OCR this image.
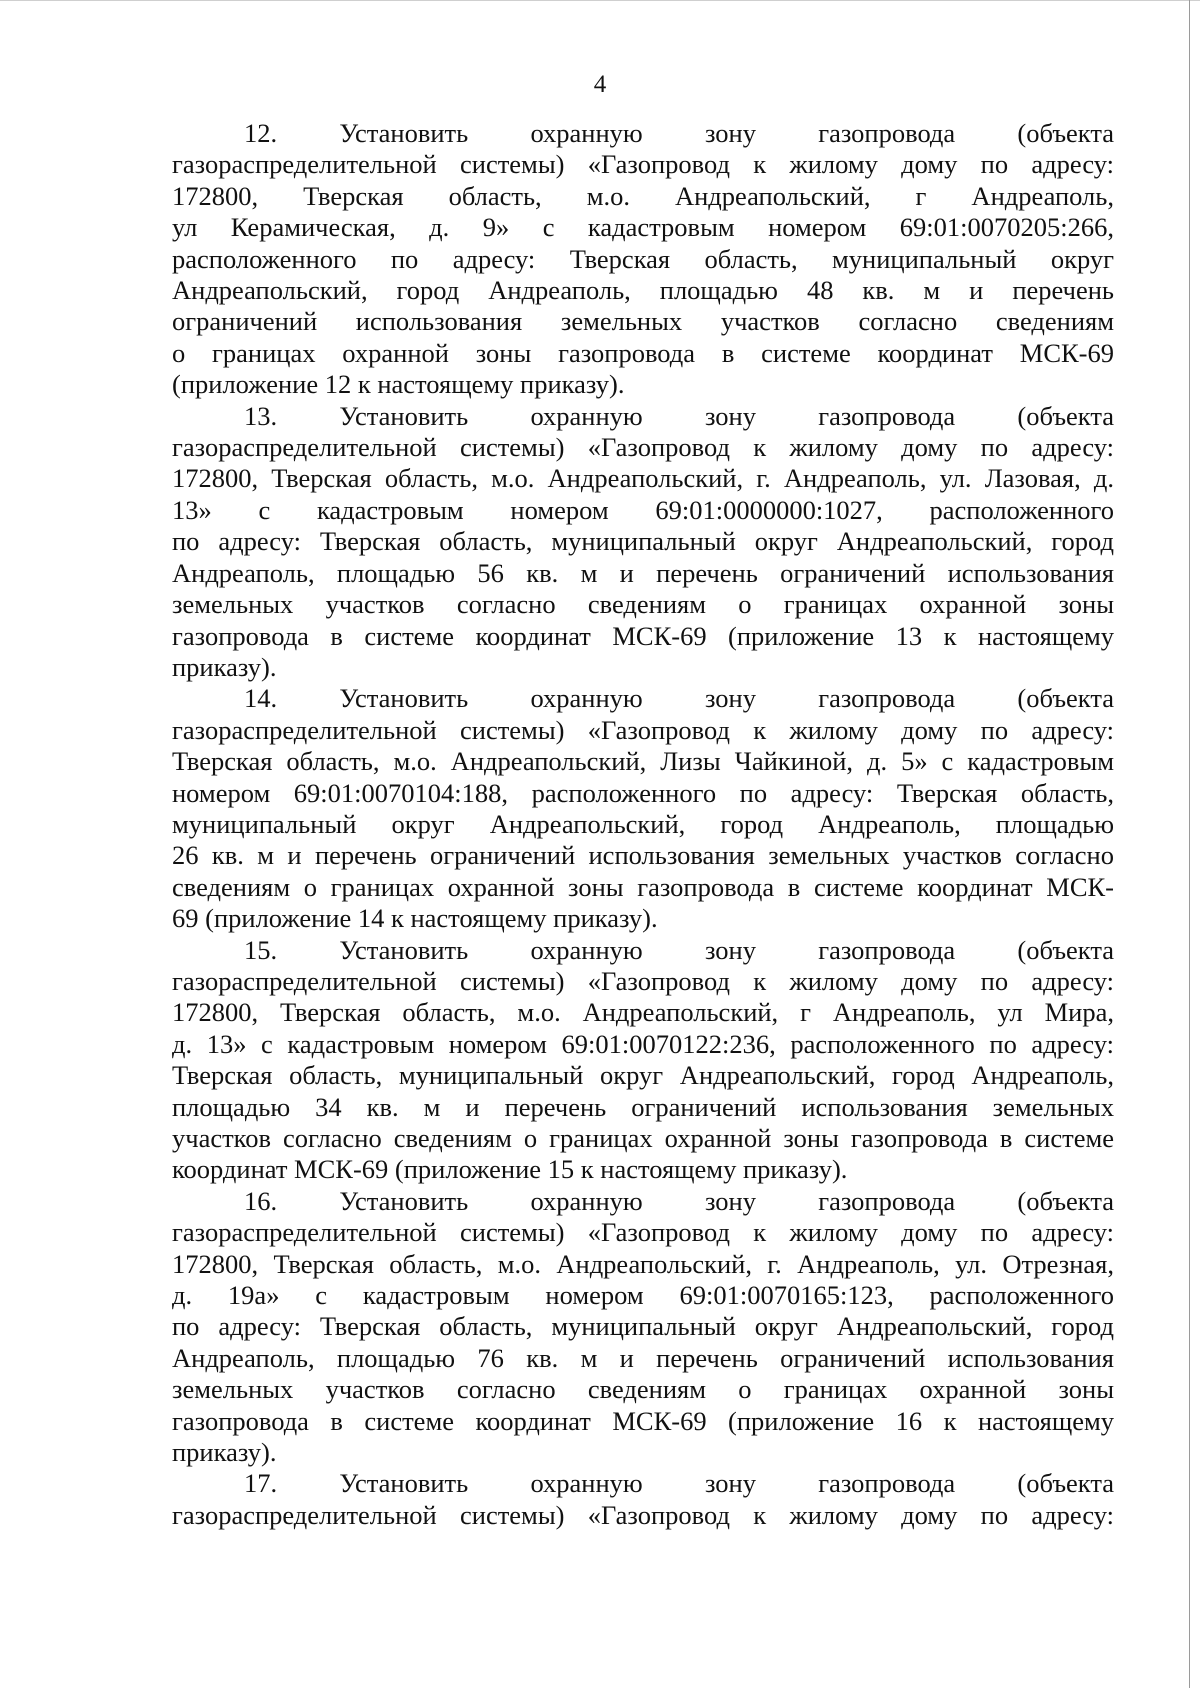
4

12. Установить охранную зону газопровода (объекта
газораспределительной системы) «Газопровод к жилому дому по адресу:
172800, Тверская область, м.о. Андреапольский, г Андреаполь,
ул Керамическая, д. 9» с кадастровым номером 69:01:0070205:266,
расположенного по адресу: Тверская область, муниципальный округ
Андреапольский, город Андреаполь, площадью 48 кв. м и перечень
ограничений использования земельных участков согласно сведениям
о границах охранной зоны газопровода в системе координат МСК-69
(приложение 12 к настоящему приказу).

13. Установить охранную зону газопровода (объекта
газораспределительной системы) «Газопровод к жилому дому по адресу:
172800, Тверская область, м.о. Андреапольский, г. Андреаполь, ул. Лазовая, д.
13» с кадастровым номером 69:01:0000000:1027, расположенного
по адресу: Тверская область, муниципальный округ Андреапольский, город
Андреаполь, площадью 56 кв. м и перечень ограничений использования
земельных участков согласно сведениям о границах охранной зоны
газопровода в системе координат МСК-69 (приложение 13 к настоящему
приказу).

14. Установить охранную зону газопровода (объекта
газораспределительной системы) «Газопровод к жилому дому по адресу:
Тверская область, м.о. Андреапольский, Лизы Чайкиной, д. 5» с кадастровым
номером 69:01:0070104:188, расположенного по адресу: Тверская область,
муниципальный округ Андреапольский, город Андреаполь, площадью
26 кв. м и перечень ограничений использования земельных участков согласно
сведениям о границах охранной зоны газопровода в системе координат МСК-
69 (приложение 14 к настоящему приказу).

15. Установить охранную зону газопровода (объекта
газораспределительной системы) «Газопровод к жилому дому по адресу:
172800, Тверская область, м.о. Андреапольский, г Андреаполь, ул Мира,
д. 13» с кадастровым номером 69:01:0070122:236, расположенного по адресу:
Тверская область, муниципальный округ Андреапольский, город Андреаполь,
площадью 34 кв. м и перечень ограничений использования земельных
участков согласно сведениям о границах охранной зоны газопровода в системе
координат МСК-69 (приложение 15 к настоящему приказу).

16. Установить охранную зону газопровода (объекта
газораспределительной системы) «Газопровод к жилому дому по адресу:
172800, Тверская область, м.о. Андреапольский, г. Андреаполь, ул. Отрезная,
д. 19а» с кадастровым номером 69:01:0070165:123, расположенного
по адресу: Тверская область, муниципальный округ Андреапольский, город
Андреаполь, площадью 76 кв. м и перечень ограничений использования
земельных участков согласно сведениям о границах охранной зоны
газопровода в системе координат МСК-69 (приложение 16 к настоящему
приказу).

17. Установить охранную зону газопровода (объекта
газораспределительной системы) «Газопровод к жилому дому по адресу:
